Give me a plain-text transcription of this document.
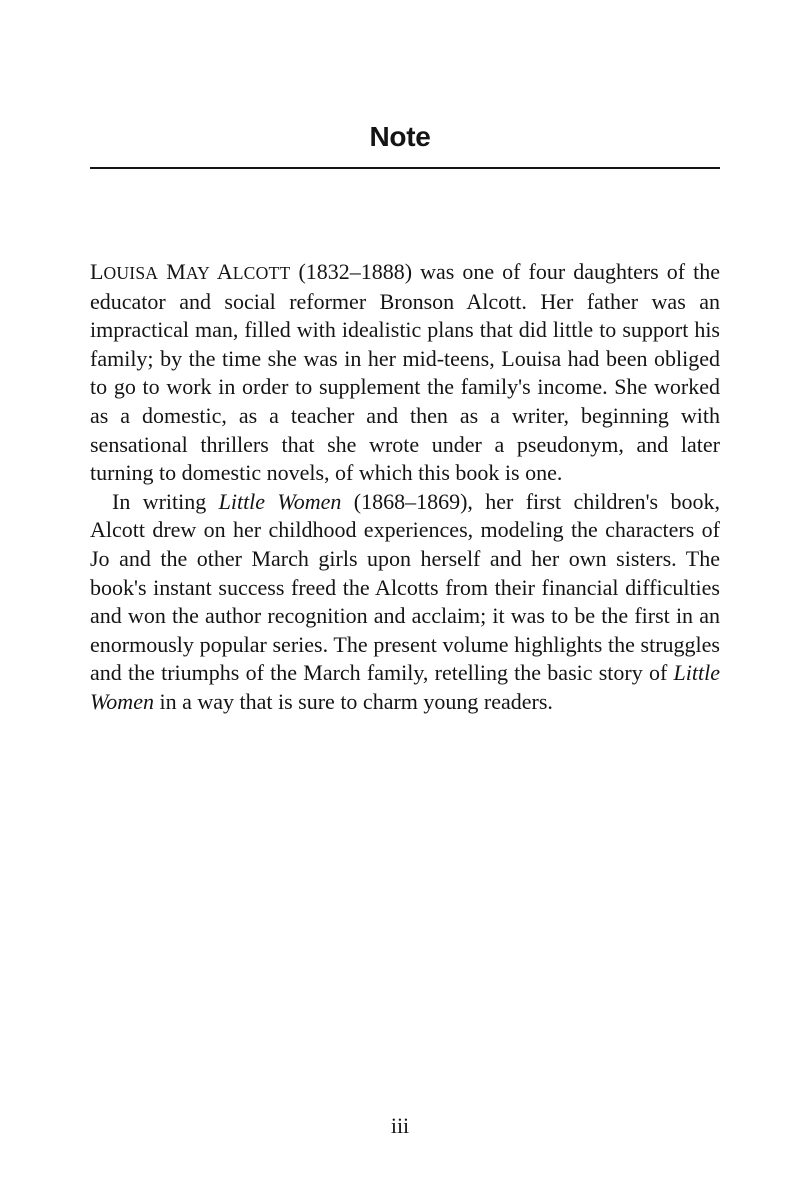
Note

LOUISA MAY ALCOTT (1832–1888) was one of four daughters of the educator and social reformer Bronson Alcott. Her father was an impractical man, filled with idealistic plans that did little to support his family; by the time she was in her mid-teens, Louisa had been obliged to go to work in order to supplement the family's income. She worked as a domestic, as a teacher and then as a writer, beginning with sensational thrillers that she wrote under a pseudonym, and later turning to domestic novels, of which this book is one.

In writing Little Women (1868–1869), her first children's book, Alcott drew on her childhood experiences, modeling the characters of Jo and the other March girls upon herself and her own sisters. The book's instant success freed the Alcotts from their financial difficulties and won the author recognition and acclaim; it was to be the first in an enormously popular series. The present volume highlights the struggles and the triumphs of the March family, retelling the basic story of Little Women in a way that is sure to charm young readers.

iii
